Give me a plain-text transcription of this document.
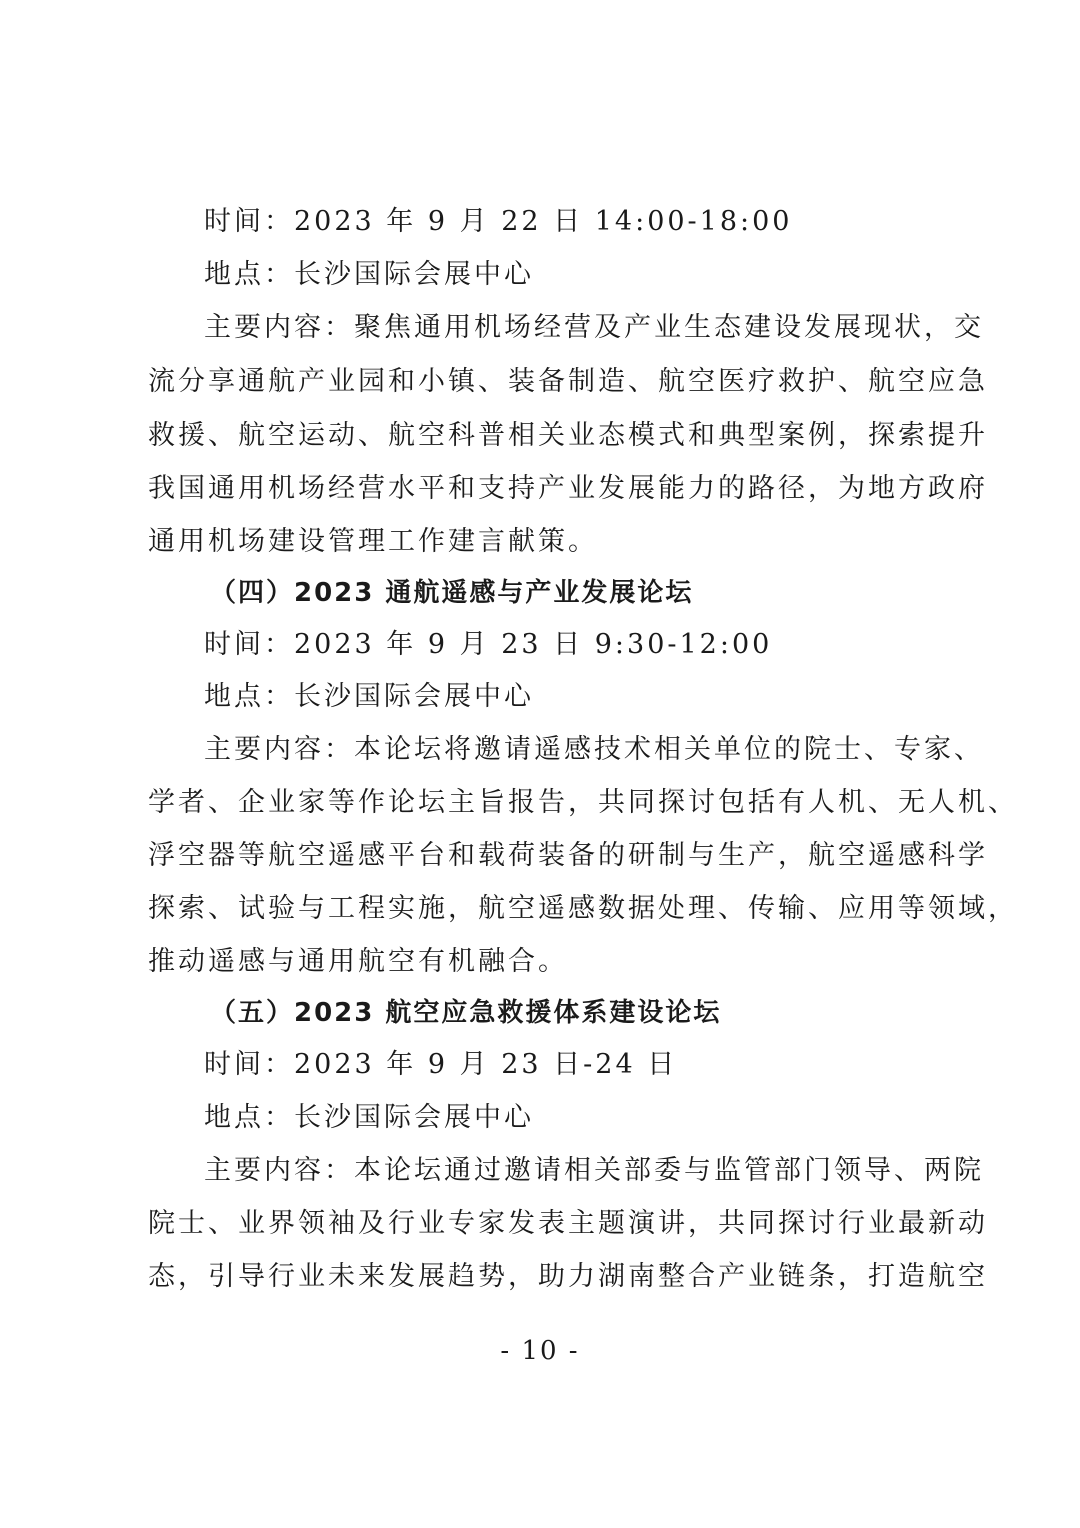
时间：2023 年 9 月 22 日 14:00-18:00
地点：长沙国际会展中心
主要内容：聚焦通用机场经营及产业生态建设发展现状，交
流分享通航产业园和小镇、装备制造、航空医疗救护、航空应急
救援、航空运动、航空科普相关业态模式和典型案例，探索提升
我国通用机场经营水平和支持产业发展能力的路径，为地方政府
通用机场建设管理工作建言献策。
（四）2023 通航遥感与产业发展论坛
时间：2023 年 9 月 23 日 9:30-12:00
地点：长沙国际会展中心
主要内容：本论坛将邀请遥感技术相关单位的院士、专家、
学者、企业家等作论坛主旨报告，共同探讨包括有人机、无人机、
浮空器等航空遥感平台和载荷装备的研制与生产，航空遥感科学
探索、试验与工程实施，航空遥感数据处理、传输、应用等领域，
推动遥感与通用航空有机融合。
（五）2023 航空应急救援体系建设论坛
时间：2023 年 9 月 23 日-24 日
地点：长沙国际会展中心
主要内容：本论坛通过邀请相关部委与监管部门领导、两院
院士、业界领袖及行业专家发表主题演讲，共同探讨行业最新动
态，引导行业未来发展趋势，助力湖南整合产业链条，打造航空
- 10 -
